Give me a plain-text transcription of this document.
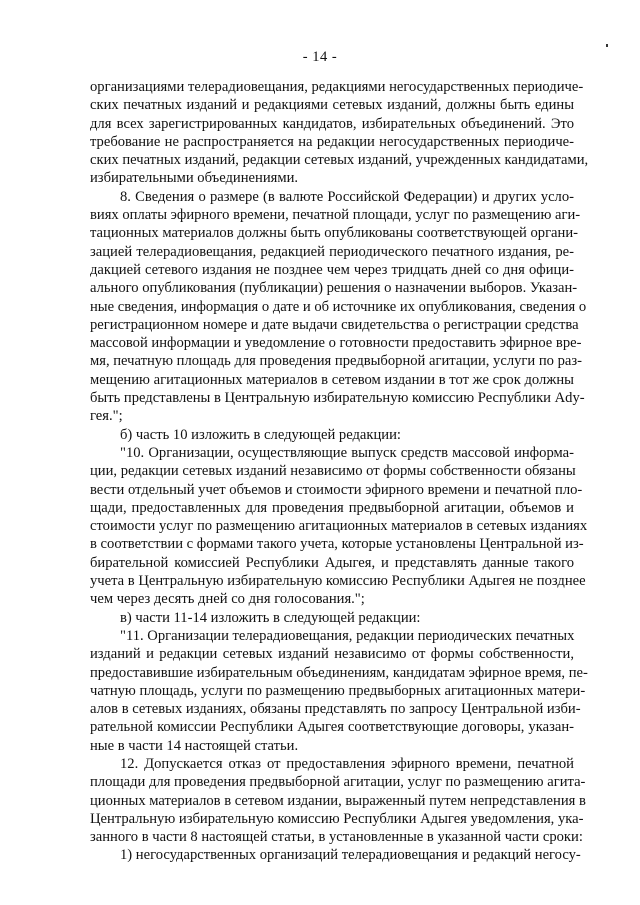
- 14 -
организациями телерадиовещания, редакциями негосударственных периодиче-
ских печатных изданий и редакциями сетевых изданий, должны быть едины
для всех зарегистрированных кандидатов, избирательных объединений. Это
требование не распространяется на редакции негосударственных периодиче-
ских печатных изданий, редакции сетевых изданий, учрежденных кандидатами,
избирательными объединениями.
8. Сведения о размере (в валюте Российской Федерации) и других усло-
виях оплаты эфирного времени, печатной площади, услуг по размещению аги-
тационных материалов должны быть опубликованы соответствующей органи-
зацией телерадиовещания, редакцией периодического печатного издания, ре-
дакцией сетевого издания не позднее чем через тридцать дней со дня офици-
ального опубликования (публикации) решения о назначении выборов. Указан-
ные сведения, информация о дате и об источнике их опубликования, сведения о
регистрационном номере и дате выдачи свидетельства о регистрации средства
массовой информации и уведомление о готовности предоставить эфирное вре-
мя, печатную площадь для проведения предвыборной агитации, услуги по раз-
мещению агитационных материалов в сетевом издании в тот же срок должны
быть представлены в Центральную избирательную комиссию Республики Ady-
гея.";
б) часть 10 изложить в следующей редакции:
"10. Организации, осуществляющие выпуск средств массовой информа-
ции, редакции сетевых изданий независимо от формы собственности обязаны
вести отдельный учет объемов и стоимости эфирного времени и печатной пло-
щади, предоставленных для проведения предвыборной агитации, объемов и
стоимости услуг по размещению агитационных материалов в сетевых изданиях
в соответствии с формами такого учета, которые установлены Центральной из-
бирательной комиссией Республики Адыгея, и представлять данные такого
учета в Центральную избирательную комиссию Республики Адыгея не позднее
чем через десять дней со дня голосования.";
в) части 11-14 изложить в следующей редакции:
"11. Организации телерадиовещания, редакции периодических печатных
изданий и редакции сетевых изданий независимо от формы собственности,
предоставившие избирательным объединениям, кандидатам эфирное время, пе-
чатную площадь, услуги по размещению предвыборных агитационных матери-
алов в сетевых изданиях, обязаны представлять по запросу Центральной изби-
рательной комиссии Республики Адыгея соответствующие договоры, указан-
ные в части 14 настоящей статьи.
12. Допускается отказ от предоставления эфирного времени, печатной
площади для проведения предвыборной агитации, услуг по размещению агита-
ционных материалов в сетевом издании, выраженный путем непредставления в
Центральную избирательную комиссию Республики Адыгея уведомления, ука-
занного в части 8 настоящей статьи, в установленные в указанной части сроки:
1) негосударственных организаций телерадиовещания и редакций негосу-
